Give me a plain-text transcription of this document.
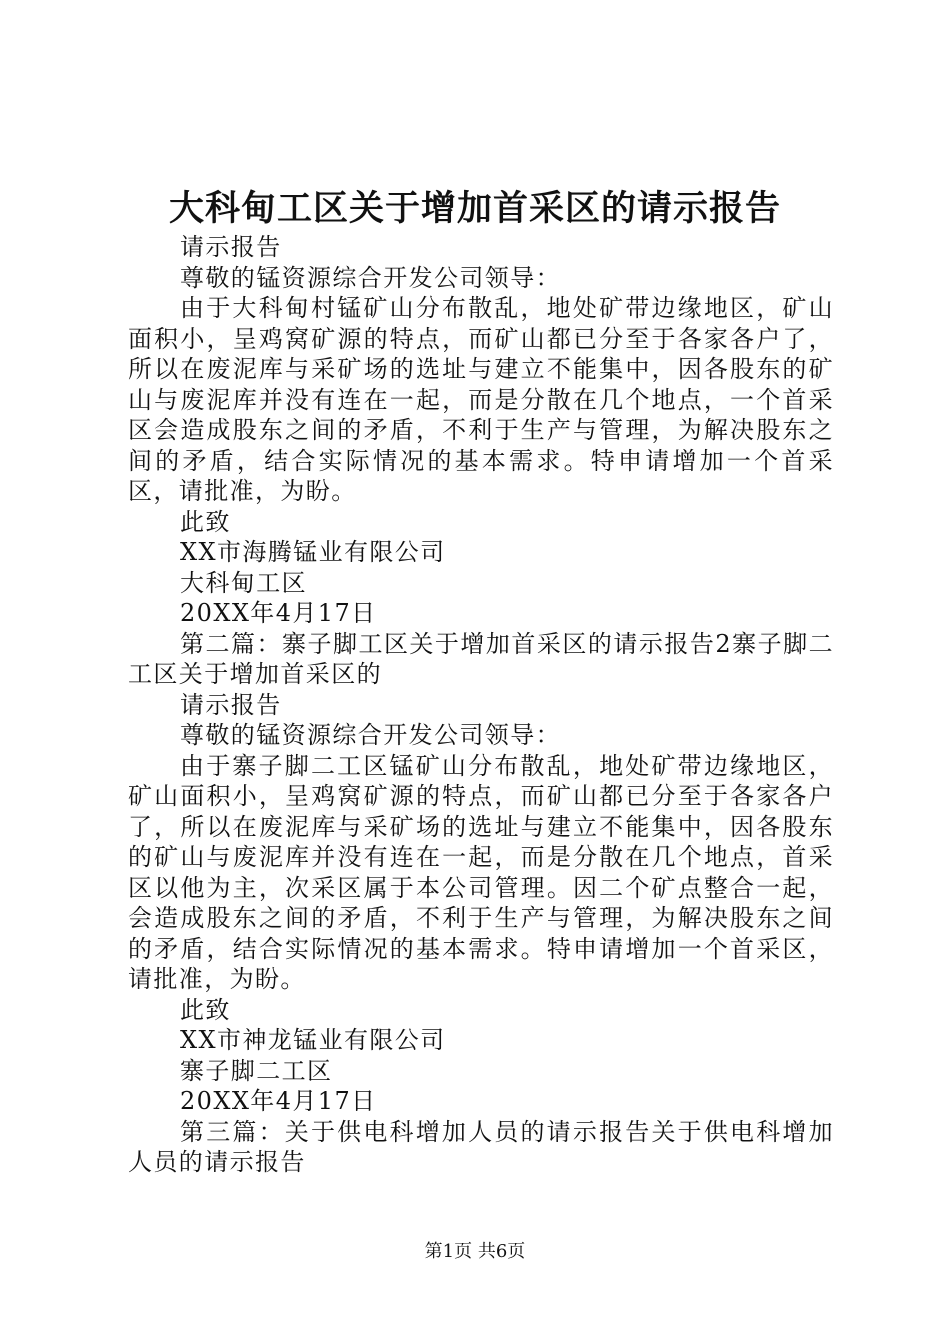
大科甸工区关于增加首采区的请示报告

请示报告

尊敬的锰资源综合开发公司领导：

由于大科甸村锰矿山分布散乱，地处矿带边缘地区，矿山面积小，呈鸡窝矿源的特点，而矿山都已分至于各家各户了，所以在废泥库与采矿场的选址与建立不能集中，因各股东的矿山与废泥库并没有连在一起，而是分散在几个地点，一个首采区会造成股东之间的矛盾，不利于生产与管理，为解决股东之间的矛盾，结合实际情况的基本需求。特申请增加一个首采区，请批准，为盼。

此致

XX市海腾锰业有限公司

大科甸工区

20XX年4月17日

第二篇：寨子脚工区关于增加首采区的请示报告2寨子脚二工区关于增加首采区的

请示报告

尊敬的锰资源综合开发公司领导：

由于寨子脚二工区锰矿山分布散乱，地处矿带边缘地区，矿山面积小，呈鸡窝矿源的特点，而矿山都已分至于各家各户了，所以在废泥库与采矿场的选址与建立不能集中，因各股东的矿山与废泥库并没有连在一起，而是分散在几个地点，首采区以他为主，次采区属于本公司管理。因二个矿点整合一起，会造成股东之间的矛盾，不利于生产与管理，为解决股东之间的矛盾，结合实际情况的基本需求。特申请增加一个首采区，请批准，为盼。

此致

XX市神龙锰业有限公司

寨子脚二工区

20XX年4月17日

第三篇：关于供电科增加人员的请示报告关于供电科增加人员的请示报告

第1页 共6页
